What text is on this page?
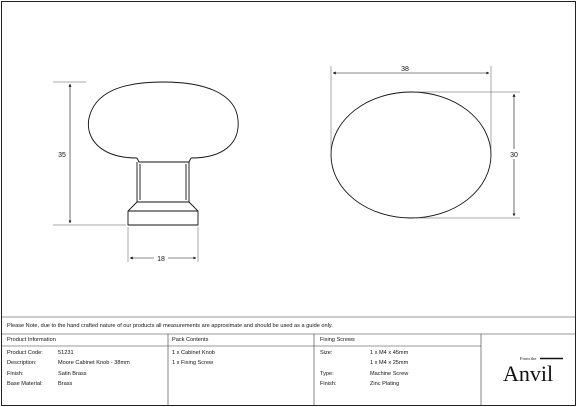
35
18
38
30
From the
Anvil
Please Note, due to the hand crafted nature of our products all measurements are approximate and should be used as a guide only.
Product Information
Product Code:	51231
Description:	Moore Cabinet Knob - 38mm
Finish:	Satin Brass
Base Material:	Brass
Pack Contents
1 x Cabinet Knob
1 x Fixing Screw
Fixing Screws
Size:	1 x M4 x 45mm
1 x M4 x 25mm
Type:	Machine Screw
Finish:	Zinc Plating
